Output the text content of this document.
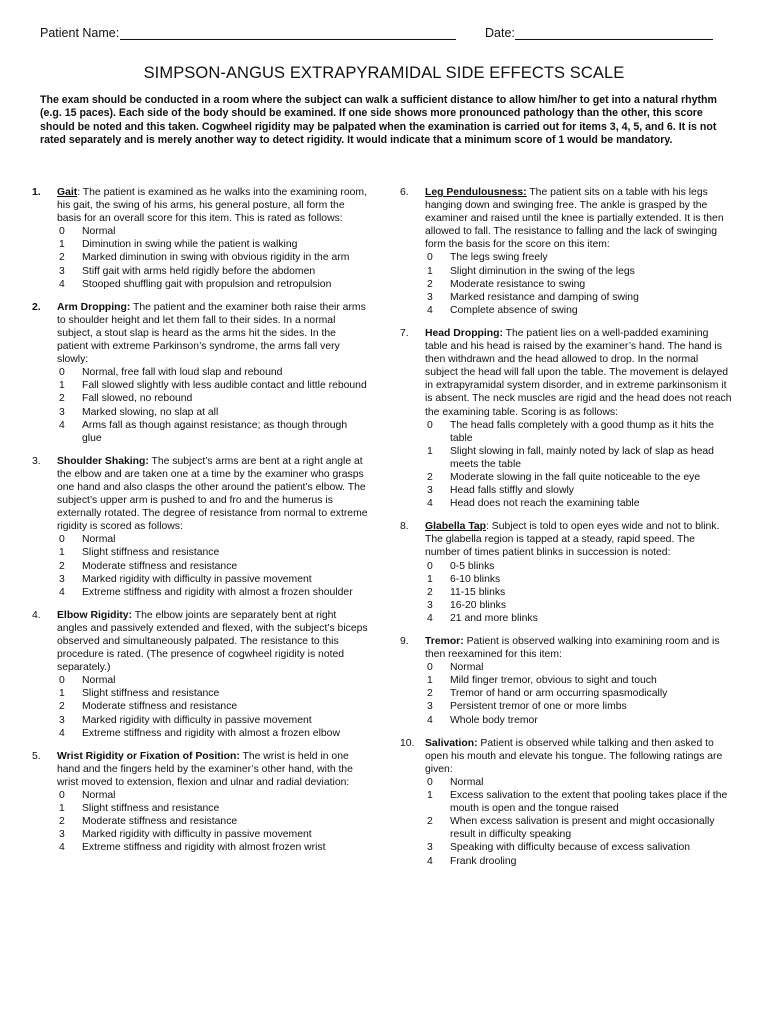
Patient Name:	Date:
SIMPSON-ANGUS EXTRAPYRAMIDAL SIDE EFFECTS SCALE
The exam should be conducted in a room where the subject can walk a sufficient distance to allow him/her to get into a natural rhythm (e.g. 15 paces). Each side of the body should be examined. If one side shows more pronounced pathology than the other, this score should be noted and this taken. Cogwheel rigidity may be palpated when the examination is carried out for items 3, 4, 5, and 6. It is not rated separately and is merely another way to detect rigidity. It would indicate that a minimum score of 1 would be mandatory.
1. Gait: The patient is examined as he walks into the examining room, his gait, the swing of his arms, his general posture, all form the basis for an overall score for this item. This is rated as follows:
0 Normal
1 Diminution in swing while the patient is walking
2 Marked diminution in swing with obvious rigidity in the arm
3 Stiff gait with arms held rigidly before the abdomen
4 Stooped shuffling gait with propulsion and retropulsion
2. Arm Dropping: The patient and the examiner both raise their arms to shoulder height and let them fall to their sides. In a normal subject, a stout slap is heard as the arms hit the sides. In the patient with extreme Parkinson’s syndrome, the arms fall very slowly:
0 Normal, free fall with loud slap and rebound
1 Fall slowed slightly with less audible contact and little rebound
2 Fall slowed, no rebound
3 Marked slowing, no slap at all
4 Arms fall as though against resistance; as though through glue
3. Shoulder Shaking: The subject’s arms are bent at a right angle at the elbow and are taken one at a time by the examiner who grasps one hand and also clasps the other around the patient’s elbow. The subject’s upper arm is pushed to and fro and the humerus is externally rotated. The degree of resistance from normal to extreme rigidity is scored as follows:
0 Normal
1 Slight stiffness and resistance
2 Moderate stiffness and resistance
3 Marked rigidity with difficulty in passive movement
4 Extreme stiffness and rigidity with almost a frozen shoulder
4. Elbow Rigidity: The elbow joints are separately bent at right angles and passively extended and flexed, with the subject’s biceps observed and simultaneously palpated. The resistance to this procedure is rated. (The presence of cogwheel rigidity is noted separately.)
0 Normal
1 Slight stiffness and resistance
2 Moderate stiffness and resistance
3 Marked rigidity with difficulty in passive movement
4 Extreme stiffness and rigidity with almost a frozen elbow
5. Wrist Rigidity or Fixation of Position: The wrist is held in one hand and the fingers held by the examiner’s other hand, with the wrist moved to extension, flexion and ulnar and radial deviation:
0 Normal
1 Slight stiffness and resistance
2 Moderate stiffness and resistance
3 Marked rigidity with difficulty in passive movement
4 Extreme stiffness and rigidity with almost frozen wrist
6. Leg Pendulousness: The patient sits on a table with his legs hanging down and swinging free. The ankle is grasped by the examiner and raised until the knee is partially extended. It is then allowed to fall. The resistance to falling and the lack of swinging form the basis for the score on this item:
0 The legs swing freely
1 Slight diminution in the swing of the legs
2 Moderate resistance to swing
3 Marked resistance and damping of swing
4 Complete absence of swing
7. Head Dropping: The patient lies on a well-padded examining table and his head is raised by the examiner’s hand. The hand is then withdrawn and the head allowed to drop. In the normal subject the head will fall upon the table. The movement is delayed in extrapyramidal system disorder, and in extreme parkinsonism it is absent. The neck muscles are rigid and the head does not reach the examining table. Scoring is as follows:
0 The head falls completely with a good thump as it hits the table
1 Slight slowing in fall, mainly noted by lack of slap as head meets the table
2 Moderate slowing in the fall quite noticeable to the eye
3 Head falls stiffly and slowly
4 Head does not reach the examining table
8. Glabella Tap: Subject is told to open eyes wide and not to blink. The glabella region is tapped at a steady, rapid speed. The number of times patient blinks in succession is noted:
0 0-5 blinks
1 6-10 blinks
2 11-15 blinks
3 16-20 blinks
4 21 and more blinks
9. Tremor: Patient is observed walking into examining room and is then reexamined for this item:
0 Normal
1 Mild finger tremor, obvious to sight and touch
2 Tremor of hand or arm occurring spasmodically
3 Persistent tremor of one or more limbs
4 Whole body tremor
10. Salivation: Patient is observed while talking and then asked to open his mouth and elevate his tongue. The following ratings are given:
0 Normal
1 Excess salivation to the extent that pooling takes place if the mouth is open and the tongue raised
2 When excess salivation is present and might occasionally result in difficulty speaking
3 Speaking with difficulty because of excess salivation
4 Frank drooling
